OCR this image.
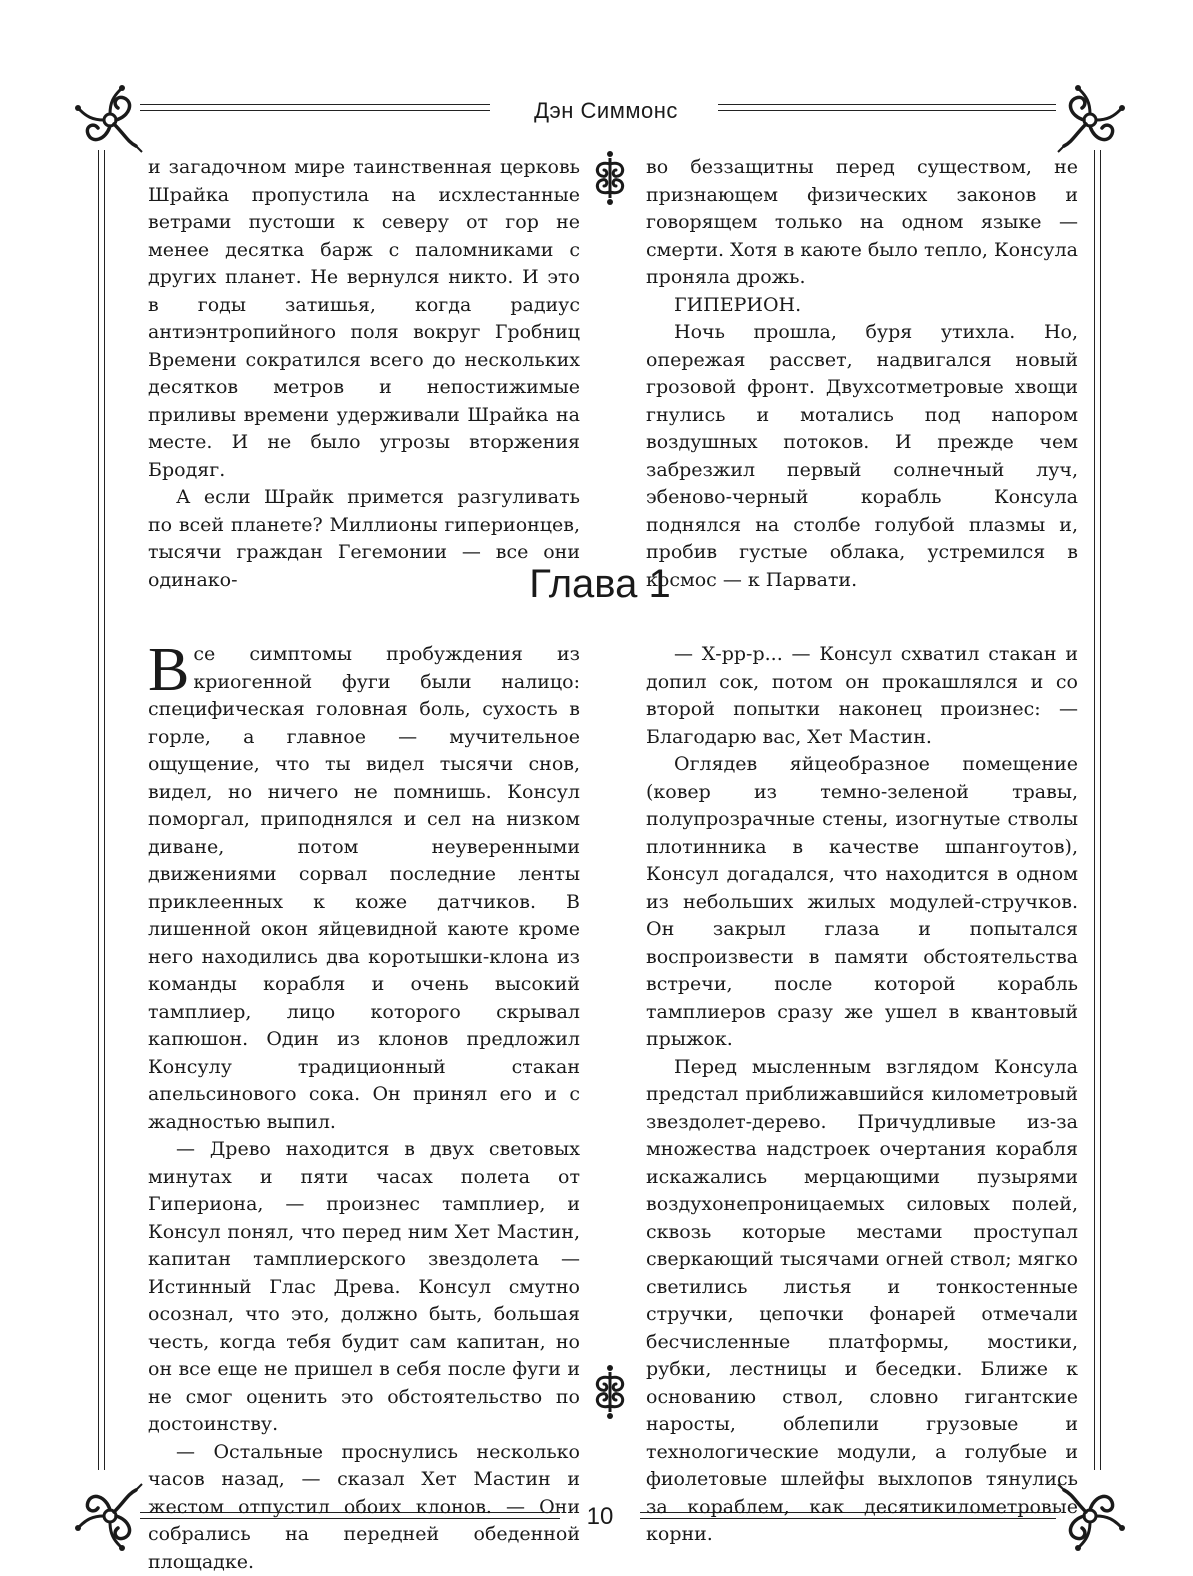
Дэн Симмонс

и загадочном мире таинственная церковь Шрайка пропустила на исхлестанные ветрами пустоши к северу от гор не менее десятка барж с паломниками с других планет. Не вернулся никто. И это в годы затишья, когда радиус антиэнтропийного поля вокруг Гробниц Времени сократился всего до нескольких десятков метров и непостижимые приливы времени удерживали Шрайка на месте. И не было угрозы вторжения Бродяг.

А если Шрайк примется разгуливать по всей планете? Миллионы гиперионцев, тысячи граждан Гегемонии — все они одинако-

во беззащитны перед существом, не признающем физических законов и говорящем только на одном языке — смерти. Хотя в каюте было тепло, Консула проняла дрожь.

ГИПЕРИОН.

Ночь прошла, буря утихла. Но, опережая рассвет, надвигался новый грозовой фронт. Двухсотметровые хвощи гнулись и мотались под напором воздушных потоков. И прежде чем забрезжил первый солнечный луч, эбеново-черный корабль Консула поднялся на столбе голубой плазмы и, пробив густые облака, устремился в космос — к Парвати.

Глава 1

Все симптомы пробуждения из криогенной фуги были налицо: специфическая головная боль, сухость в горле, а главное — мучительное ощущение, что ты видел тысячи снов, видел, но ничего не помнишь. Консул поморгал, приподнялся и сел на низком диване, потом неуверенными движениями сорвал последние ленты приклеенных к коже датчиков. В лишенной окон яйцевидной каюте кроме него находились два коротышки-клона из команды корабля и очень высокий тамплиер, лицо которого скрывал капюшон. Один из клонов предложил Консулу традиционный стакан апельсинового сока. Он принял его и с жадностью выпил.

— Древо находится в двух световых минутах и пяти часах полета от Гипериона, — произнес тамплиер, и Консул понял, что перед ним Хет Мастин, капитан тамплиерского звездолета — Истинный Глас Древа. Консул смутно осознал, что это, должно быть, большая честь, когда тебя будит сам капитан, но он все еще не пришел в себя после фуги и не смог оценить это обстоятельство по достоинству.

— Остальные проснулись несколько часов назад, — сказал Хет Мастин и жестом отпустил обоих клонов. — Они собрались на передней обеденной площадке.

— Х-рр-р... — Консул схватил стакан и допил сок, потом он прокашлялся и со второй попытки наконец произнес: — Благодарю вас, Хет Мастин.

Оглядев яйцеобразное помещение (ковер из темно-зеленой травы, полупрозрачные стены, изогнутые стволы плотинника в качестве шпангоутов), Консул догадался, что находится в одном из небольших жилых модулей-стручков. Он закрыл глаза и попытался воспроизвести в памяти обстоятельства встречи, после которой корабль тамплиеров сразу же ушел в квантовый прыжок.

Перед мысленным взглядом Консула предстал приближавшийся километровый звездолет-дерево. Причудливые из-за множества надстроек очертания корабля искажались мерцающими пузырями воздухонепроницаемых силовых полей, сквозь которые местами проступал сверкающий тысячами огней ствол; мягко светились листья и тонкостенные стручки, цепочки фонарей отмечали бесчисленные платформы, мостики, рубки, лестницы и беседки. Ближе к основанию ствол, словно гигантские наросты, облепили грузовые и технологические модули, а голубые и фиолетовые шлейфы выхлопов тянулись за кораблем, как десятикилометровые корни.

10
